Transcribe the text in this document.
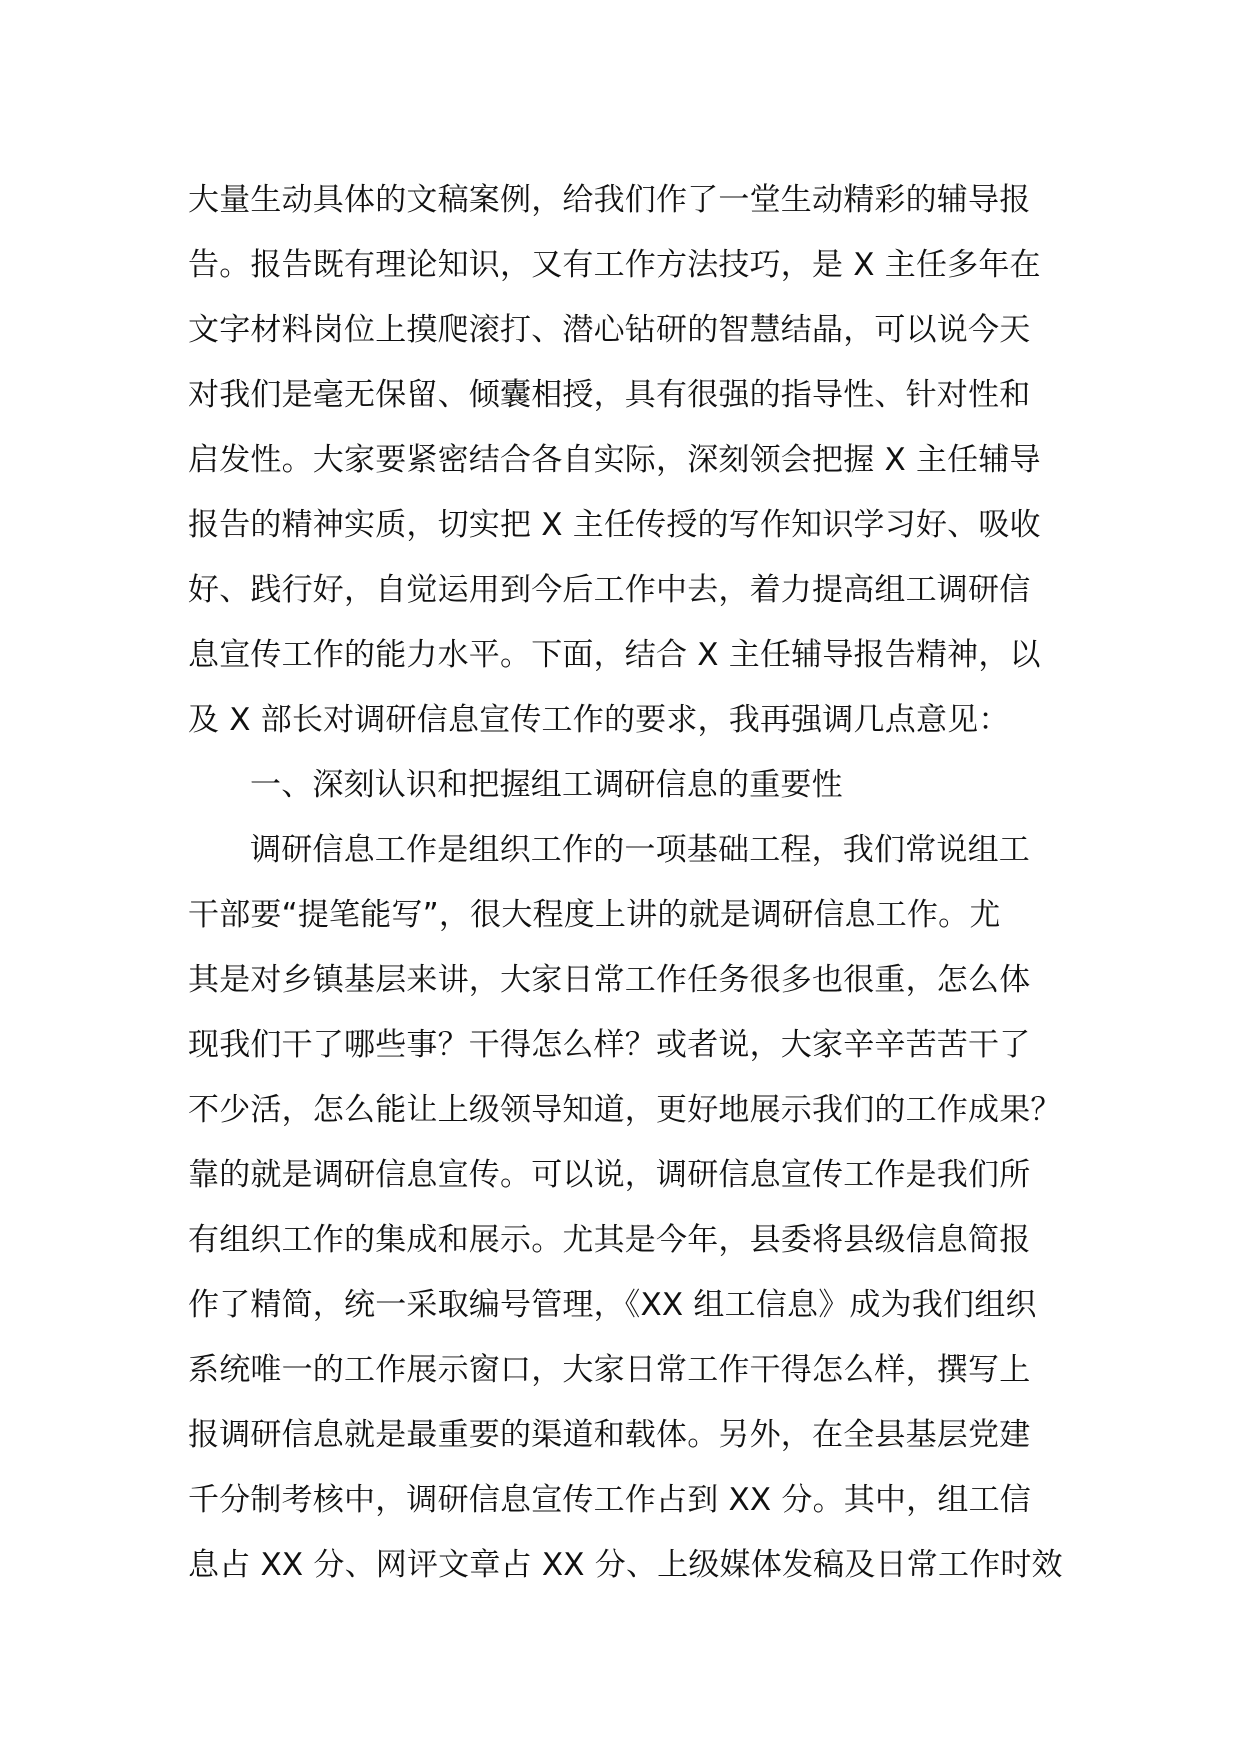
大量生动具体的文稿案例，给我们作了一堂生动精彩的辅导报
告。报告既有理论知识，又有工作方法技巧，是 X 主任多年在
文字材料岗位上摸爬滚打、潜心钻研的智慧结晶，可以说今天
对我们是毫无保留、倾囊相授，具有很强的指导性、针对性和
启发性。大家要紧密结合各自实际，深刻领会把握 X 主任辅导
报告的精神实质，切实把 X 主任传授的写作知识学习好、吸收
好、践行好，自觉运用到今后工作中去，着力提高组工调研信
息宣传工作的能力水平。下面，结合 X 主任辅导报告精神，以
及 X 部长对调研信息宣传工作的要求，我再强调几点意见：
一、深刻认识和把握组工调研信息的重要性
调研信息工作是组织工作的一项基础工程，我们常说组工
干部要“提笔能写”，很大程度上讲的就是调研信息工作。尤
其是对乡镇基层来讲，大家日常工作任务很多也很重，怎么体
现我们干了哪些事？干得怎么样？或者说，大家辛辛苦苦干了
不少活，怎么能让上级领导知道，更好地展示我们的工作成果？
靠的就是调研信息宣传。可以说，调研信息宣传工作是我们所
有组织工作的集成和展示。尤其是今年，县委将县级信息简报
作了精简，统一采取编号管理，《XX 组工信息》成为我们组织
系统唯一的工作展示窗口，大家日常工作干得怎么样，撰写上
报调研信息就是最重要的渠道和载体。另外，在全县基层党建
千分制考核中，调研信息宣传工作占到 XX 分。其中，组工信
息占 XX 分、网评文章占 XX 分、上级媒体发稿及日常工作时效
